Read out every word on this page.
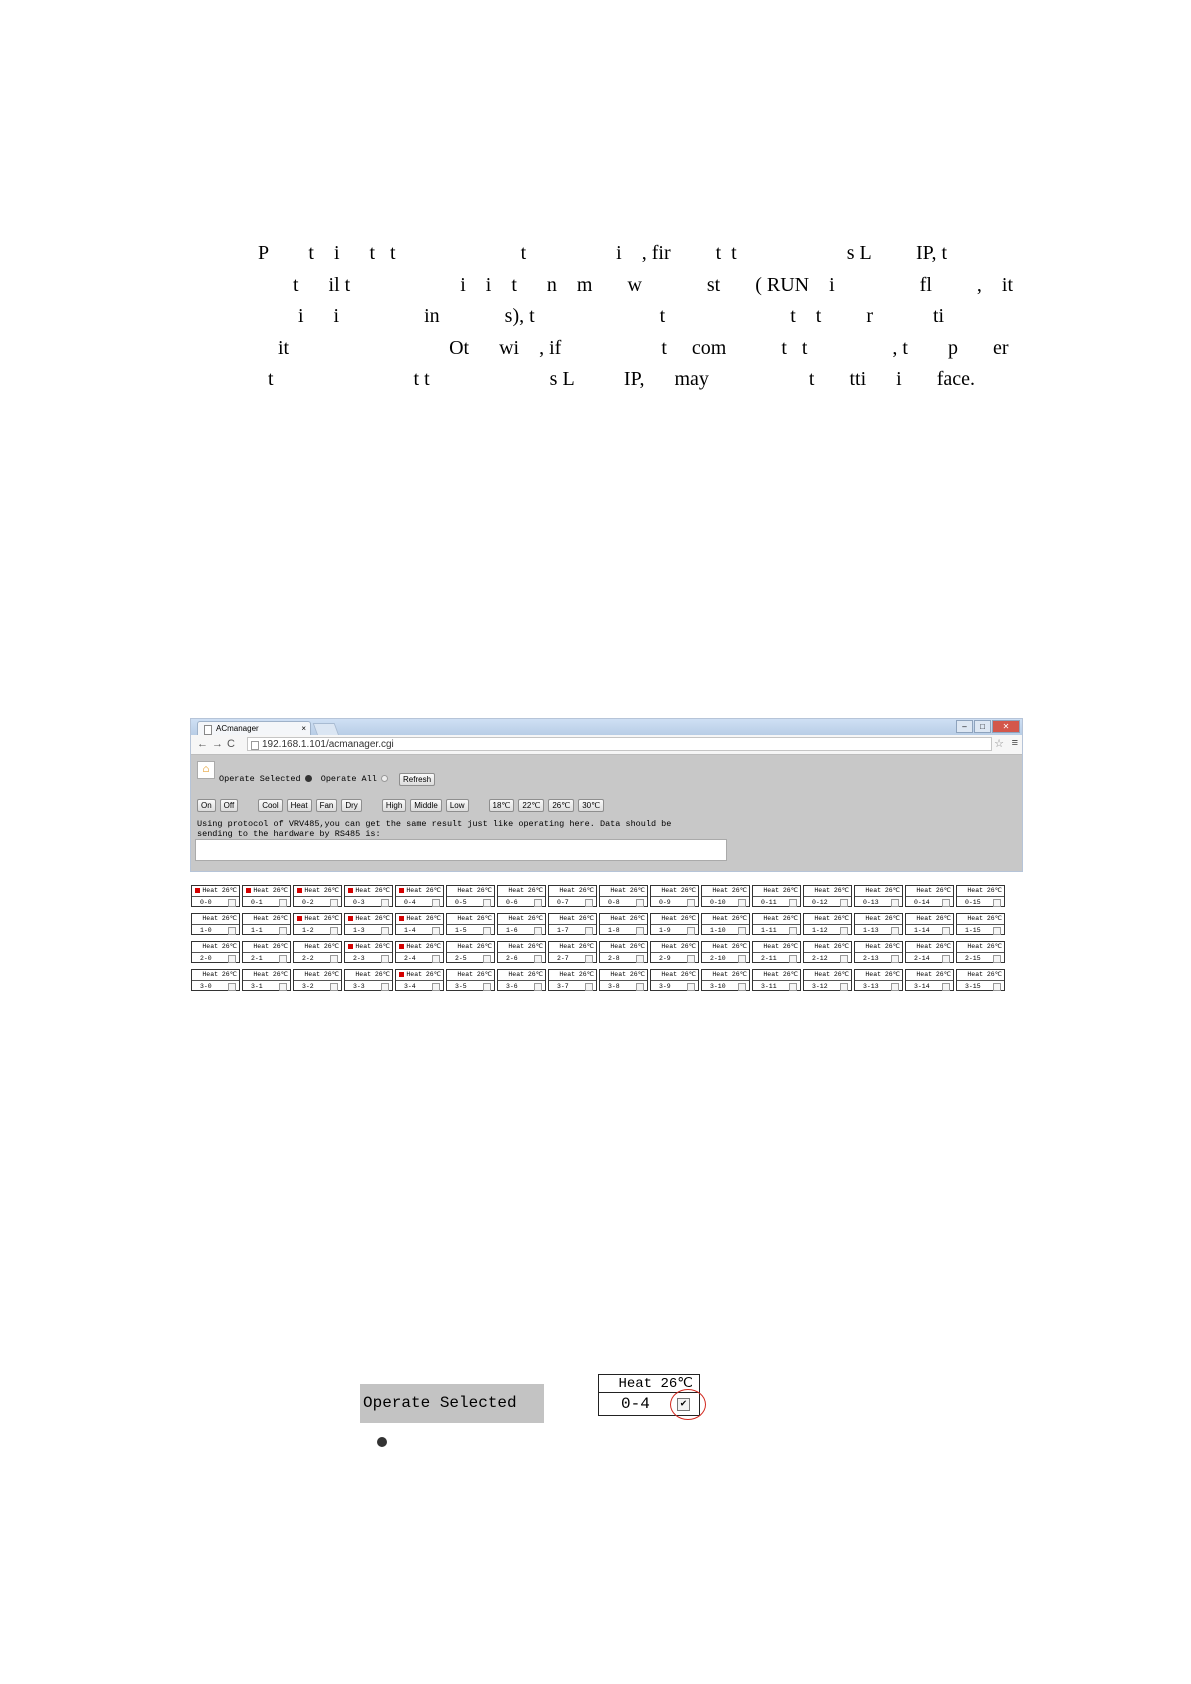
P        t    i      t   t                         t                  i    , fir         t  t                      s L         IP, t
t      il t                      i    i    t      n    m       w             st       ( RUN    i                 fl         ,    it
i      i                 in             s), t                         t                         t    t         r            ti
it                                Ot      wi    , if                    t     com           t   t                 , t        p       er
t                            t t                        s L          IP,      may                    t       tti      i       face.
ACmanager	×	–	□	✕
←→C	192.168.1.101/acmanager.cgi	☆ ≡
⌂
Operate Selected Operate All	Refresh
On	Off	Cool	Heat	Fan	Dry	High	Middle	Low	18℃	22℃	26℃	30℃
Using protocol of VRV485,you can get the same result just like operating here. Data should be
sending to the hardware by RS485 is:
Heat 26℃
0-0
Heat 26℃
0-1
Heat 26℃
0-2
Heat 26℃
0-3
Heat 26℃
0-4
Heat 26℃
0-5
Heat 26℃
0-6
Heat 26℃
0-7
Heat 26℃
0-8
Heat 26℃
0-9
Heat 26℃
0-10
Heat 26℃
0-11
Heat 26℃
0-12
Heat 26℃
0-13
Heat 26℃
0-14
Heat 26℃
0-15
Heat 26℃
1-0
Heat 26℃
1-1
Heat 26℃
1-2
Heat 26℃
1-3
Heat 26℃
1-4
Heat 26℃
1-5
Heat 26℃
1-6
Heat 26℃
1-7
Heat 26℃
1-8
Heat 26℃
1-9
Heat 26℃
1-10
Heat 26℃
1-11
Heat 26℃
1-12
Heat 26℃
1-13
Heat 26℃
1-14
Heat 26℃
1-15
Heat 26℃
2-0
Heat 26℃
2-1
Heat 26℃
2-2
Heat 26℃
2-3
Heat 26℃
2-4
Heat 26℃
2-5
Heat 26℃
2-6
Heat 26℃
2-7
Heat 26℃
2-8
Heat 26℃
2-9
Heat 26℃
2-10
Heat 26℃
2-11
Heat 26℃
2-12
Heat 26℃
2-13
Heat 26℃
2-14
Heat 26℃
2-15
Heat 26℃
3-0
Heat 26℃
3-1
Heat 26℃
3-2
Heat 26℃
3-3
Heat 26℃
3-4
Heat 26℃
3-5
Heat 26℃
3-6
Heat 26℃
3-7
Heat 26℃
3-8
Heat 26℃
3-9
Heat 26℃
3-10
Heat 26℃
3-11
Heat 26℃
3-12
Heat 26℃
3-13
Heat 26℃
3-14
Heat 26℃
3-15
Operate Selected
Heat 26℃
0-4	✔
